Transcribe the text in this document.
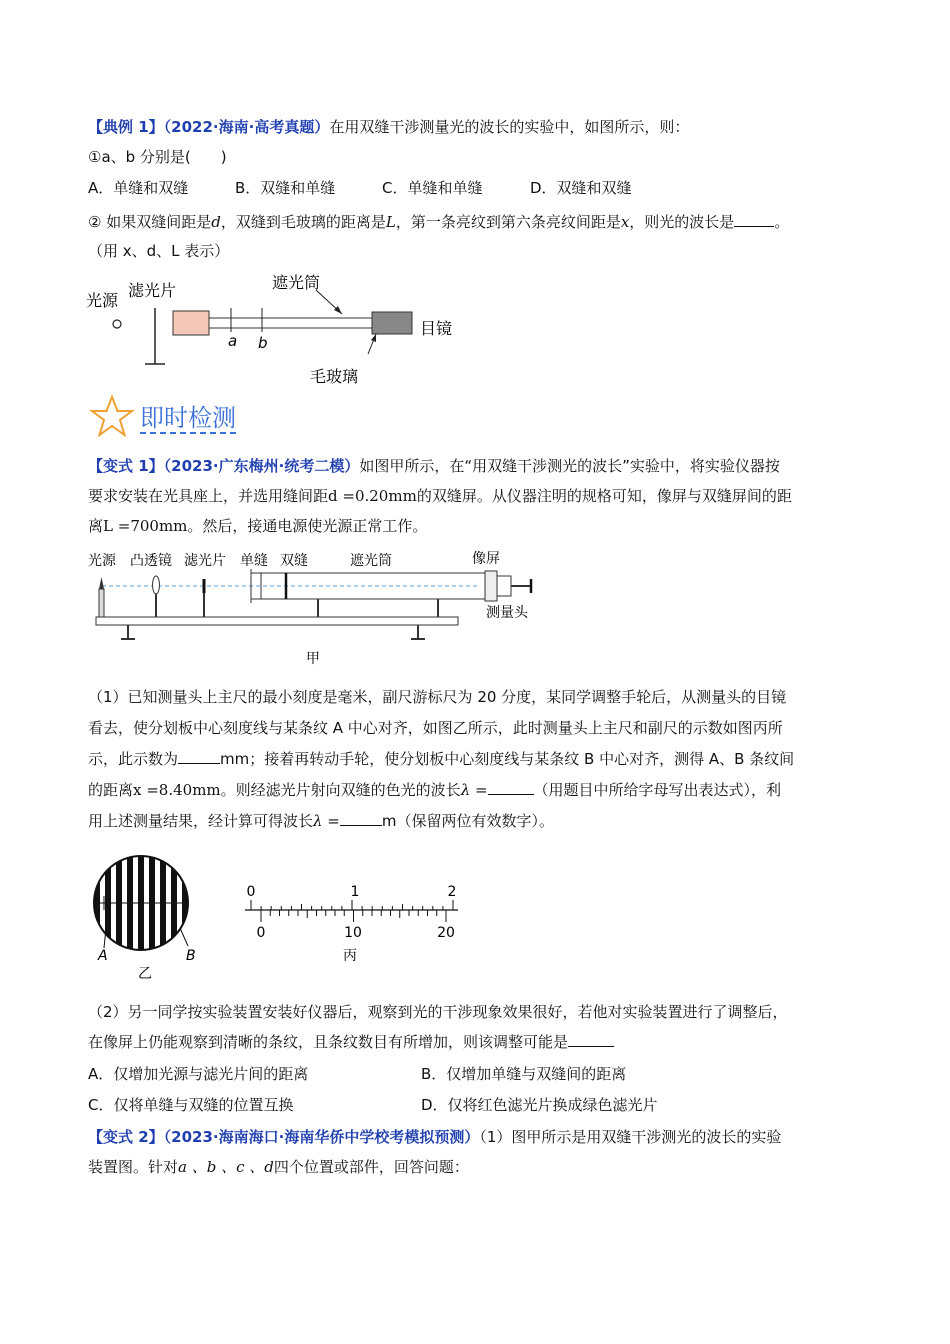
【典例 1】（2022·海南·高考真题）在用双缝干涉测量光的波长的实验中，如图所示，则：
①a、b 分别是(　　)
A．单缝和双缝	B．双缝和单缝	C．单缝和单缝	D．双缝和双缝
② 如果双缝间距是d，双缝到毛玻璃的距离是L，第一条亮纹到第六条亮纹间距是x，则光的波长是	。
（用 x、d、L 表示）
光源
滤光片	遮光筒
目镜
毛玻璃
a b
即时检测
【变式 1】（2023·广东梅州·统考二模）如图甲所示，在“用双缝干涉测光的波长”实验中，将实验仪器按
要求安装在光具座上，并选用缝间距d =0.20mm的双缝屏。从仪器注明的规格可知，像屏与双缝屏间的距
离L =700mm。然后，接通电源使光源正常工作。
光源 凸透镜 滤光片 单缝 双缝	遮光筒	像屏
测量头
甲
（1）已知测量头上主尺的最小刻度是毫米，副尺游标尺为 20 分度，某同学调整手轮后，从测量头的目镜
看去，使分划板中心刻度线与某条纹 A 中心对齐，如图乙所示，此时测量头上主尺和副尺的示数如图丙所
示，此示数为	mm；接着再转动手轮，使分划板中心刻度线与某条纹 B 中心对齐，测得 A、B 条纹间
的距离x =8.40mm。则经滤光片射向双缝的色光的波长λ =	（用题目中所给字母写出表达式），利
用上述测量结果，经计算可得波长λ =	m（保留两位有效数字）。
A	B
乙
0	1	2
0	10	20
丙
（2）另一同学按实验装置安装好仪器后，观察到光的干涉现象效果很好，若他对实验装置进行了调整后，
在像屏上仍能观察到清晰的条纹，且条纹数目有所增加，则该调整可能是
A．仅增加光源与滤光片间的距离	B．仅增加单缝与双缝间的距离
C．仅将单缝与双缝的位置互换	D．仅将红色滤光片换成绿色滤光片
【变式 2】（2023·海南海口·海南华侨中学校考模拟预测）（1）图甲所示是用双缝干涉测光的波长的实验
装置图。针对a 、b 、c 、d四个位置或部件，回答问题：
